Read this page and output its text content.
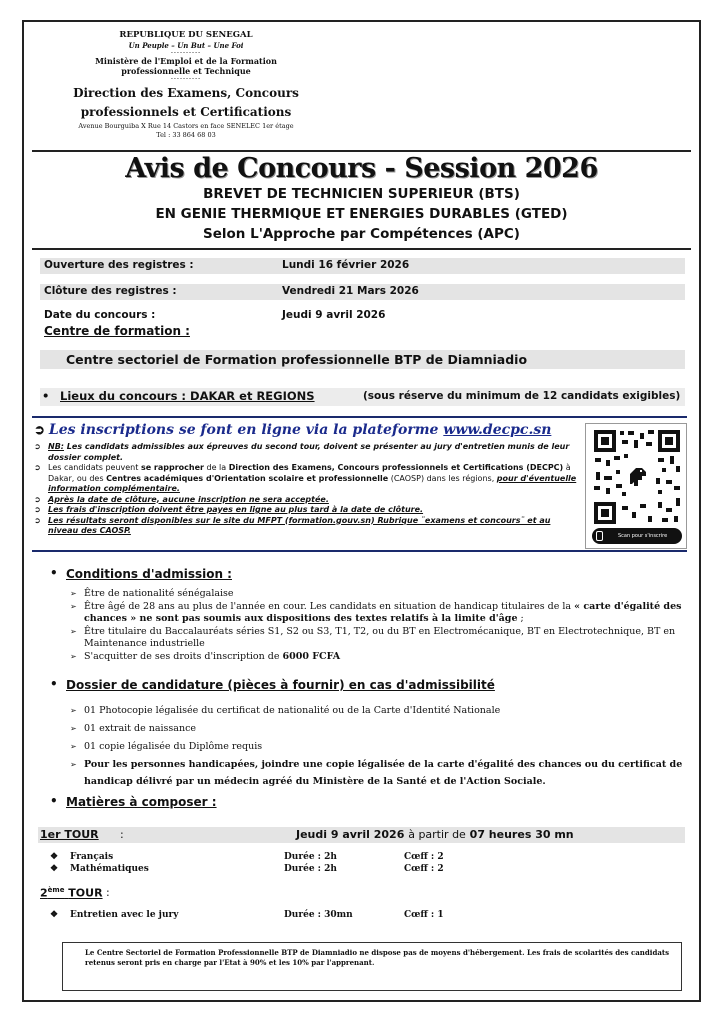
REPUBLIQUE DU SENEGAL
Un Peuple – Un But – Une Foi
----------
Ministère de l'Emploi et de la Formation
professionnelle et Technique
----------
Direction des Examens, Concours
professionnels et Certifications
Avenue Bourguiba X Rue 14 Castors en face SENELEC 1er étage
Tel : 33 864 68 03
Avis de Concours - Session 2026
BREVET DE TECHNICIEN SUPERIEUR (BTS)
EN GENIE THERMIQUE ET ENERGIES DURABLES (GTED)
Selon L'Approche par Compétences (APC)
Ouverture des registres :	Lundi 16 février 2026
Clôture des registres :	Vendredi 21 Mars 2026
Date du concours :	Jeudi 9 avril 2026
Centre de formation :
Centre sectoriel de Formation professionnelle BTP de Diamniadio
• Lieux du concours : DAKAR et REGIONS	(sous réserve du minimum de 12 candidats exigibles)
➲ Les inscriptions se font en ligne via la plateforme www.decpc.sn
➲ NB: Les candidats admissibles aux épreuves du second tour, doivent se présenter au jury d'entretien munis de leur dossier complet.
➲ Les candidats peuvent se rapprocher de la Direction des Examens, Concours professionnels et Certifications (DECPC) à Dakar, ou des Centres académiques d'Orientation scolaire et professionnelle (CAOSP) dans les régions, pour d'éventuelle information complémentaire.
➲ Après la date de clôture, aucune inscription ne sera acceptée.
➲ Les frais d'inscription doivent être payes en ligne au plus tard à la date de clôture.
➲ Les résultats seront disponibles sur le site du MFPT (formation.gouv.sn) Rubrique ¨examens et concours¨ et au niveau des CAOSP.
Scan pour s'inscrire
• Conditions d'admission :
➢ Être de nationalité sénégalaise
➢ Être âgé de 28 ans au plus de l'année en cour. Les candidats en situation de handicap titulaires de la « carte d'égalité des chances » ne sont pas soumis aux dispositions des textes relatifs à la limite d'âge ;
➢ Être titulaire du Baccalauréats séries S1, S2 ou S3, T1, T2, ou du BT en Electromécanique, BT en Electrotechnique, BT en Maintenance industrielle
➢ S'acquitter de ses droits d'inscription de 6000 FCFA
• Dossier de candidature (pièces à fournir) en cas d'admissibilité
➢ 01 Photocopie légalisée du certificat de nationalité ou de la Carte d'Identité Nationale
➢ 01 extrait de naissance
➢ 01 copie légalisée du Diplôme requis
➢ Pour les personnes handicapées, joindre une copie légalisée de la carte d'égalité des chances ou du certificat de handicap délivré par un médecin agréé du Ministère de la Santé et de l'Action Sociale.
• Matières à composer :
1er TOUR :	Jeudi 9 avril 2026 à partir de 07 heures 30 mn
❖ Français	Durée : 2h	Cœff : 2
❖ Mathématiques	Durée : 2h	Cœff : 2
2ème TOUR :
❖ Entretien avec le jury	Durée : 30mn	Cœff : 1
Le Centre Sectoriel de Formation Professionnelle BTP de Diamniadio ne dispose pas de moyens d'hébergement. Les frais de scolarités des candidats retenus seront pris en charge par l'Etat à 90% et les 10% par l'apprenant.
